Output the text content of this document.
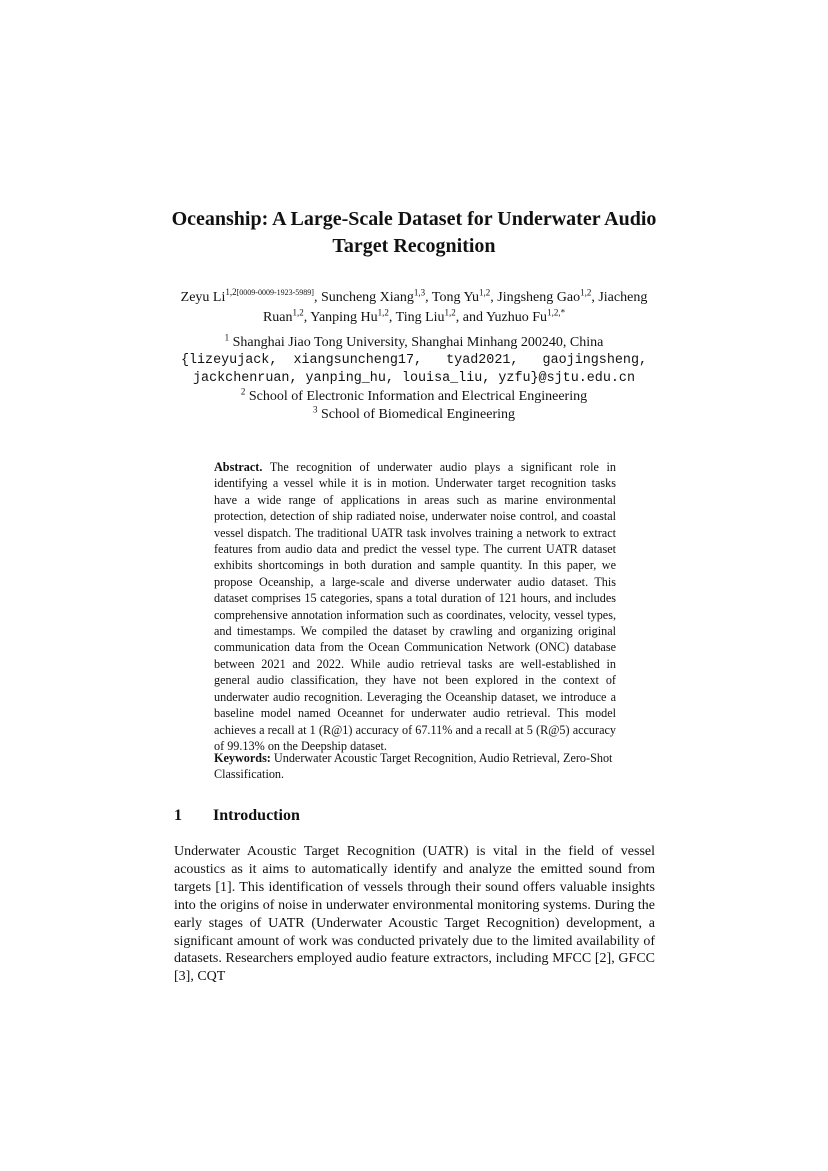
Oceanship: A Large-Scale Dataset for Underwater Audio
Target Recognition
Zeyu $Li^{1,2[0009-0009-1923-5989]}$, Suncheng Xiang$^{1,3}$, Tong Yu$^{1,2}$, Jingsheng Gao$^{1,2}$, Jiacheng Ruan$^{1,2}$, Yanping Hu$^{1,2}$, Ting Liu$^{1,2}$, and Yuzhuo $Fu^{1,2,*}$
$^1$ Shanghai Jiao Tong University, Shanghai Minhang 200240, China
{lizeyujack,  xiangsuncheng17,   tyad2021,   gaojingsheng,
jackchenruan, yanping_hu, louisa_liu, yzfu}@sjtu.edu.cn
$^2$ School of Electronic Information and Electrical Engineering
$^3$ School of Biomedical Engineering
Abstract. The recognition of underwater audio plays a significant role in identifying a vessel while it is in motion. Underwater target recognition tasks have a wide range of applications in areas such as marine environmental protection, detection of ship radiated noise, underwater noise control, and coastal vessel dispatch. The traditional UATR task involves training a network to extract features from audio data and predict the vessel type. The current UATR dataset exhibits shortcomings in both duration and sample quantity. In this paper, we propose Oceanship, a large-scale and diverse underwater audio dataset. This dataset comprises 15 categories, spans a total duration of 121 hours, and includes comprehensive annotation information such as coordinates, velocity, vessel types, and timestamps. We compiled the dataset by crawling and organizing original communication data from the Ocean Communication Network (ONC) database between 2021 and 2022. While audio retrieval tasks are well-established in general audio classification, they have not been explored in the context of underwater audio recognition. Leveraging the Oceanship dataset, we introduce a baseline model named Oceannet for underwater audio retrieval. This model achieves a recall at 1 (R@1) accuracy of 67.11% and a recall at 5 (R@5) accuracy of 99.13% on the Deepship dataset.
Keywords: Underwater Acoustic Target Recognition, Audio Retrieval, Zero-Shot Classification.
1 Introduction
Underwater Acoustic Target Recognition (UATR) is vital in the field of vessel acoustics as it aims to automatically identify and analyze the emitted sound from targets [1]. This identification of vessels through their sound offers valuable insights into the origins of noise in underwater environmental monitoring systems. During the early stages of UATR (Underwater Acoustic Target Recognition) development, a significant amount of work was conducted privately due to the limited availability of datasets. Researchers employed audio feature extractors, including MFCC [2], GFCC [3], CQT
